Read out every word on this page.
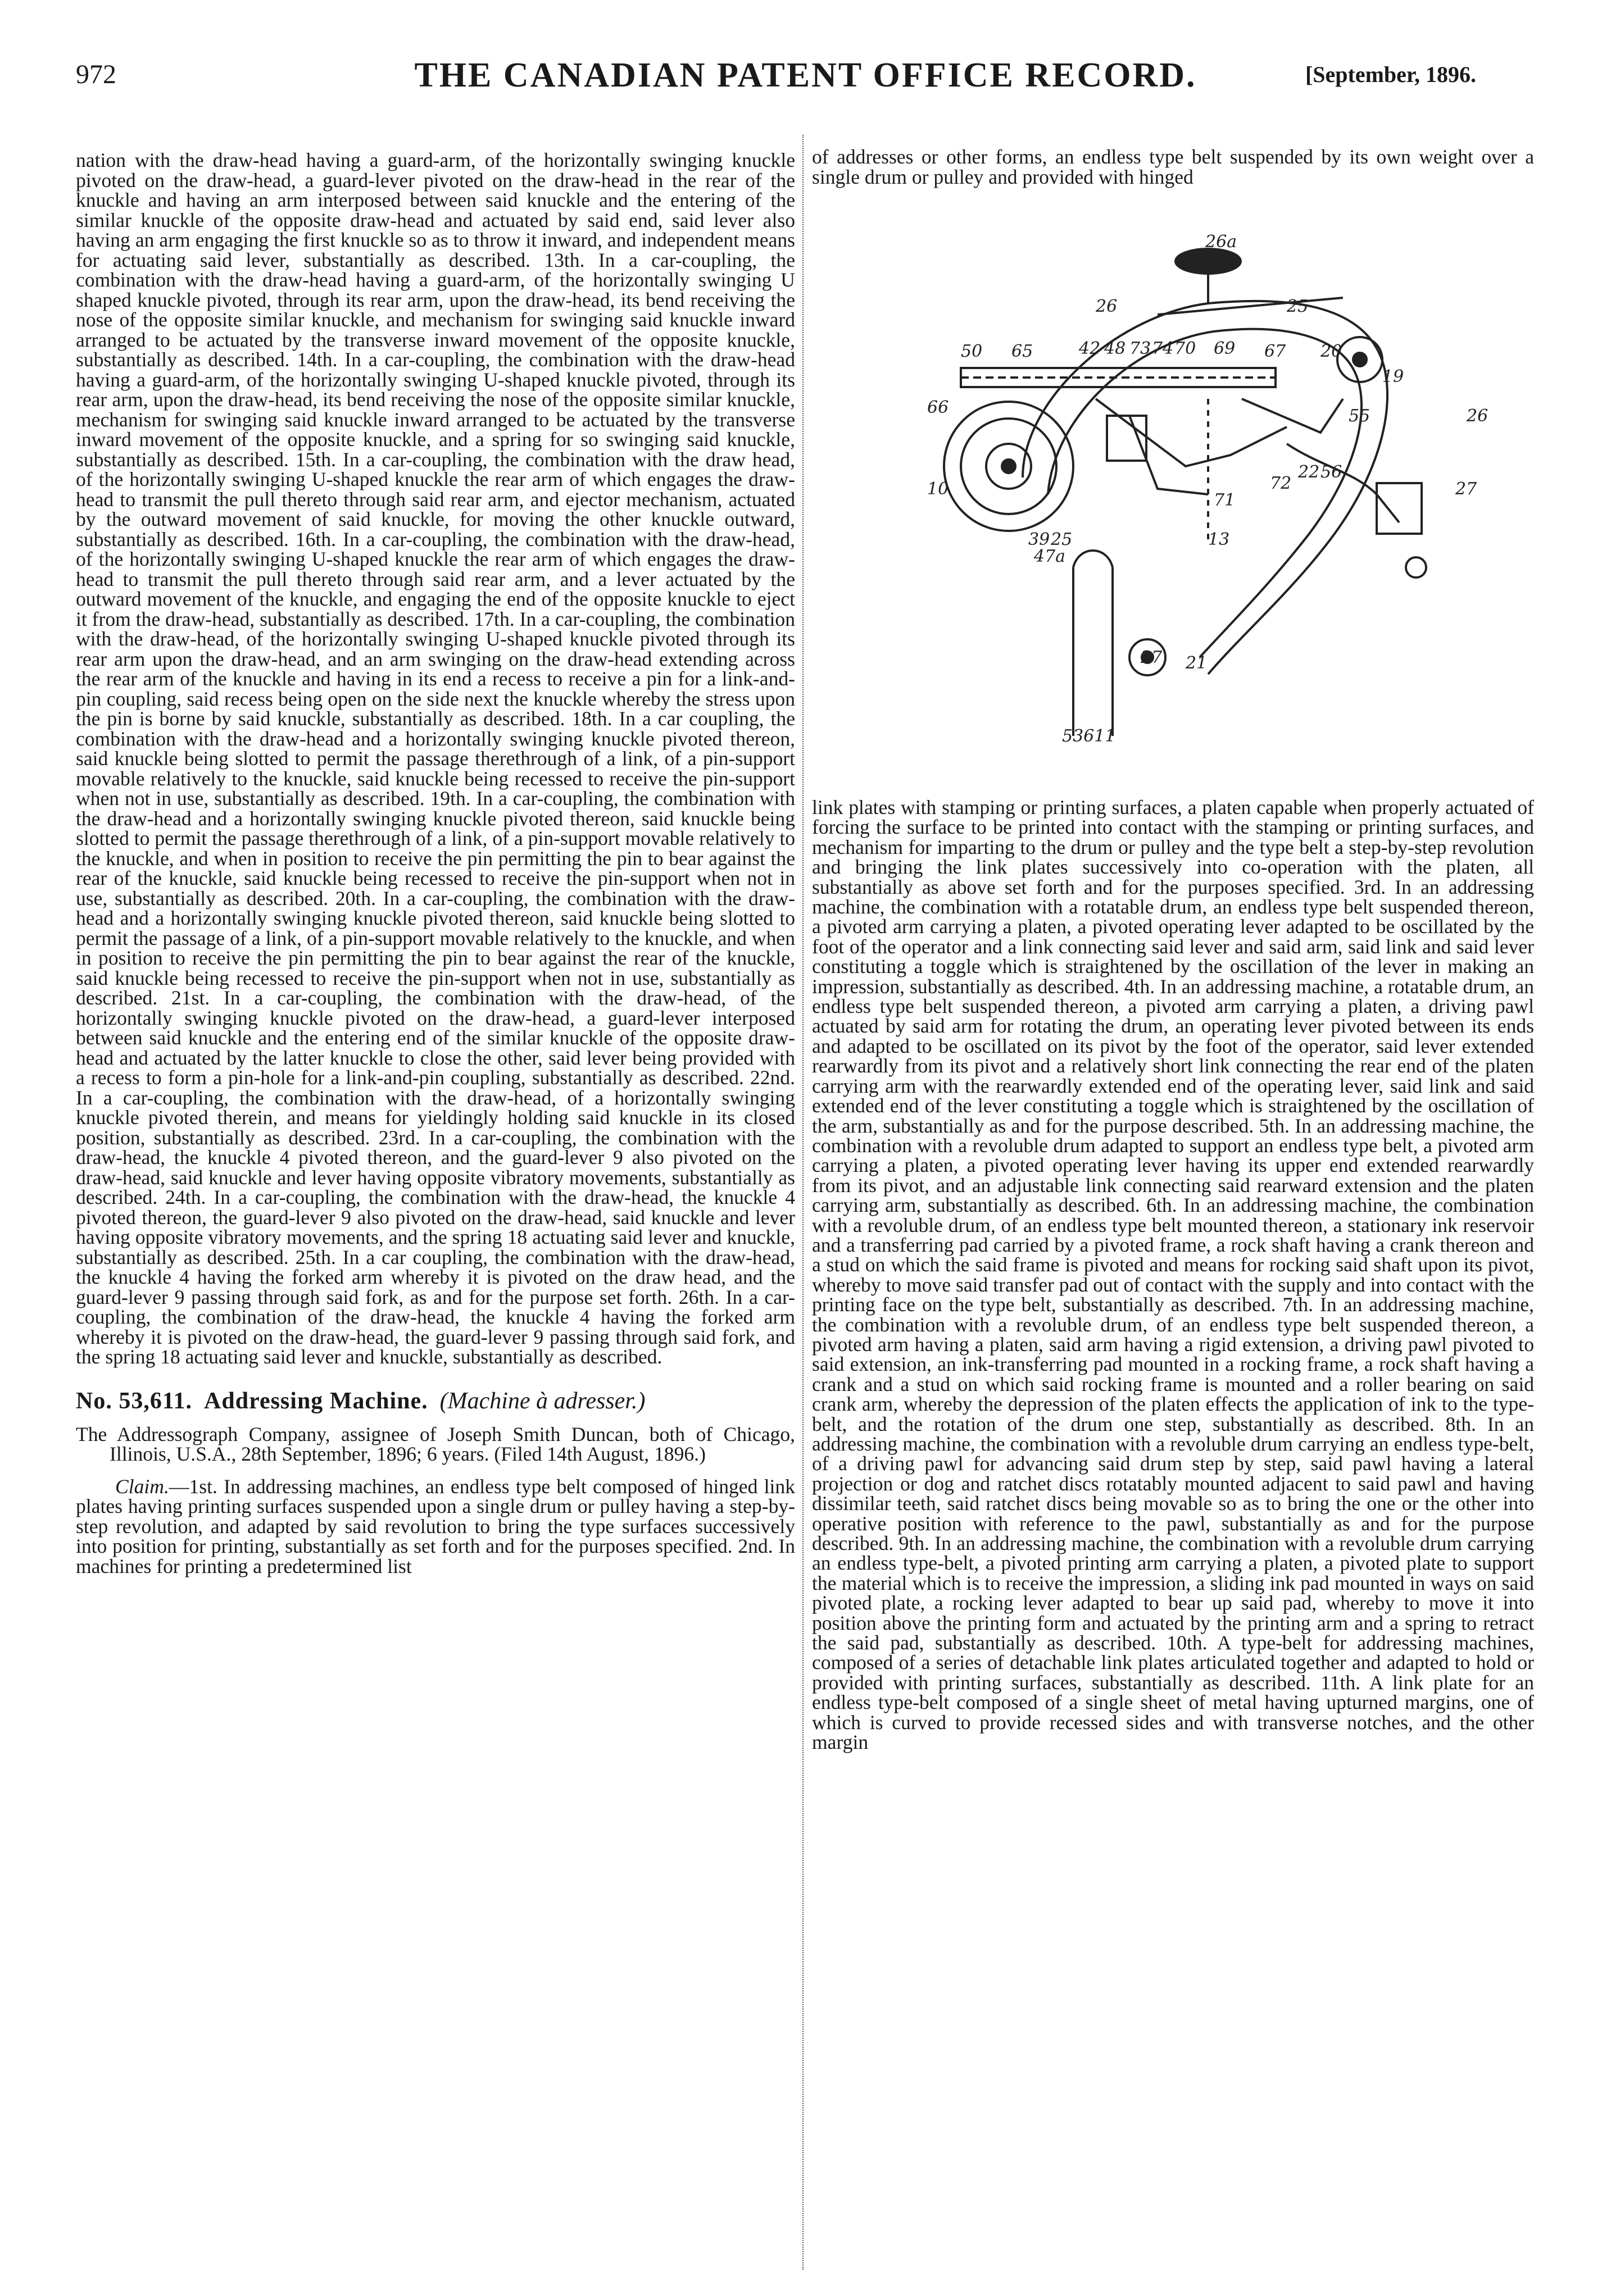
972	THE CANADIAN PATENT OFFICE RECORD.	[September, 1896.

nation with the draw-head having a guard-arm, of the horizontally swinging knuckle pivoted on the draw-head, a guard-lever pivoted on the draw-head in the rear of the knuckle and having an arm interposed between said knuckle and the entering of the similar knuckle of the opposite draw-head and actuated by said end, said lever also having an arm engaging the first knuckle so as to throw it inward, and independent means for actuating said lever, substantially as described. 13th. In a car-coupling, the combination with the draw-head having a guard-arm, of the horizontally swinging U shaped knuckle pivoted, through its rear arm, upon the draw-head, its bend receiving the nose of the opposite similar knuckle, and mechanism for swinging said knuckle inward arranged to be actuated by the transverse inward movement of the opposite knuckle, substantially as described. 14th. In a car-coupling, the combination with the draw-head having a guard-arm, of the horizontally swinging U-shaped knuckle pivoted, through its rear arm, upon the draw-head, its bend receiving the nose of the opposite similar knuckle, mechanism for swinging said knuckle inward arranged to be actuated by the transverse inward movement of the opposite knuckle, and a spring for so swinging said knuckle, substantially as described. 15th. In a car-coupling, the combination with the draw head, of the horizontally swinging U-shaped knuckle the rear arm of which engages the draw-head to transmit the pull thereto through said rear arm, and ejector mechanism, actuated by the outward movement of said knuckle, for moving the other knuckle outward, substantially as described. 16th. In a car-coupling, the combination with the draw-head, of the horizontally swinging U-shaped knuckle the rear arm of which engages the draw-head to transmit the pull thereto through said rear arm, and a lever actuated by the outward movement of the knuckle, and engaging the end of the opposite knuckle to eject it from the draw-head, substantially as described. 17th. In a car-coupling, the combination with the draw-head, of the horizontally swinging U-shaped knuckle pivoted through its rear arm upon the draw-head, and an arm swinging on the draw-head extending across the rear arm of the knuckle and having in its end a recess to receive a pin for a link-and-pin coupling, said recess being open on the side next the knuckle whereby the stress upon the pin is borne by said knuckle, substantially as described. 18th. In a car coupling, the combination with the draw-head and a horizontally swinging knuckle pivoted thereon, said knuckle being slotted to permit the passage therethrough of a link, of a pin-support movable relatively to the knuckle, said knuckle being recessed to receive the pin-support when not in use, substantially as described. 19th. In a car-coupling, the combination with the draw-head and a horizontally swinging knuckle pivoted thereon, said knuckle being slotted to permit the passage therethrough of a link, of a pin-support movable relatively to the knuckle, and when in position to receive the pin permitting the pin to bear against the rear of the knuckle, said knuckle being recessed to receive the pin-support when not in use, substantially as described. 20th. In a car-coupling, the combination with the draw-head and a horizontally swinging knuckle pivoted thereon, said knuckle being slotted to permit the passage of a link, of a pin-support movable relatively to the knuckle, and when in position to receive the pin permitting the pin to bear against the rear of the knuckle, said knuckle being recessed to receive the pin-support when not in use, substantially as described. 21st. In a car-coupling, the combination with the draw-head, of the horizontally swinging knuckle pivoted on the draw-head, a guard-lever interposed between said knuckle and the entering end of the similar knuckle of the opposite draw-head and actuated by the latter knuckle to close the other, said lever being provided with a recess to form a pin-hole for a link-and-pin coupling, substantially as described. 22nd. In a car-coupling, the combination with the draw-head, of a horizontally swinging knuckle pivoted therein, and means for yieldingly holding said knuckle in its closed position, substantially as described. 23rd. In a car-coupling, the combination with the draw-head, the knuckle 4 pivoted thereon, and the guard-lever 9 also pivoted on the draw-head, said knuckle and lever having opposite vibratory movements, substantially as described. 24th. In a car-coupling, the combination with the draw-head, the knuckle 4 pivoted thereon, the guard-lever 9 also pivoted on the draw-head, said knuckle and lever having opposite vibratory movements, and the spring 18 actuating said lever and knuckle, substantially as described. 25th. In a car coupling, the combination with the draw-head, the knuckle 4 having the forked arm whereby it is pivoted on the draw head, and the guard-lever 9 passing through said fork, as and for the purpose set forth. 26th. In a car-coupling, the combination of the draw-head, the knuckle 4 having the forked arm whereby it is pivoted on the draw-head, the guard-lever 9 passing through said fork, and the spring 18 actuating said lever and knuckle, substantially as described.

No. 53,611. Addressing Machine. (Machine à adresser.)

The Addressograph Company, assignee of Joseph Smith Duncan, both of Chicago, Illinois, U.S.A., 28th September, 1896; 6 years. (Filed 14th August, 1896.)

Claim.—1st. In addressing machines, an endless type belt composed of hinged link plates having printing surfaces suspended upon a single drum or pulley having a step-by-step revolution, and adapted by said revolution to bring the type surfaces successively into position for printing, substantially as set forth and for the purposes specified. 2nd. In machines for printing a predetermined list

of addresses or other forms, an endless type belt suspended by its own weight over a single drum or pulley and provided with hinged

26a
26	25
50 65	42 48 73 74 70 69 67 20
19
66	55	26
10	72
22 56
27
71
13
39 25
47a
27 21
53611

link plates with stamping or printing surfaces, a platen capable when properly actuated of forcing the surface to be printed into contact with the stamping or printing surfaces, and mechanism for imparting to the drum or pulley and the type belt a step-by-step revolution and bringing the link plates successively into co-operation with the platen, all substantially as above set forth and for the purposes specified. 3rd. In an addressing machine, the combination with a rotatable drum, an endless type belt suspended thereon, a pivoted arm carrying a platen, a pivoted operating lever adapted to be oscillated by the foot of the operator and a link connecting said lever and said arm, said link and said lever constituting a toggle which is straightened by the oscillation of the lever in making an impression, substantially as described. 4th. In an addressing machine, a rotatable drum, an endless type belt suspended thereon, a pivoted arm carrying a platen, a driving pawl actuated by said arm for rotating the drum, an operating lever pivoted between its ends and adapted to be oscillated on its pivot by the foot of the operator, said lever extended rearwardly from its pivot and a relatively short link connecting the rear end of the platen carrying arm with the rearwardly extended end of the operating lever, said link and said extended end of the lever constituting a toggle which is straightened by the oscillation of the arm, substantially as and for the purpose described. 5th. In an addressing machine, the combination with a revoluble drum adapted to support an endless type belt, a pivoted arm carrying a platen, a pivoted operating lever having its upper end extended rearwardly from its pivot, and an adjustable link connecting said rearward extension and the platen carrying arm, substantially as described. 6th. In an addressing machine, the combination with a revoluble drum, of an endless type belt mounted thereon, a stationary ink reservoir and a transferring pad carried by a pivoted frame, a rock shaft having a crank thereon and a stud on which the said frame is pivoted and means for rocking said shaft upon its pivot, whereby to move said transfer pad out of contact with the supply and into contact with the printing face on the type belt, substantially as described. 7th. In an addressing machine, the combination with a revoluble drum, of an endless type belt suspended thereon, a pivoted arm having a platen, said arm having a rigid extension, a driving pawl pivoted to said extension, an ink-transferring pad mounted in a rocking frame, a rock shaft having a crank and a stud on which said rocking frame is mounted and a roller bearing on said crank arm, whereby the depression of the platen effects the application of ink to the type-belt, and the rotation of the drum one step, substantially as described. 8th. In an addressing machine, the combination with a revoluble drum carrying an endless type-belt, of a driving pawl for advancing said drum step by step, said pawl having a lateral projection or dog and ratchet discs rotatably mounted adjacent to said pawl and having dissimilar teeth, said ratchet discs being movable so as to bring the one or the other into operative position with reference to the pawl, substantially as and for the purpose described. 9th. In an addressing machine, the combination with a revoluble drum carrying an endless type-belt, a pivoted printing arm carrying a platen, a pivoted plate to support the material which is to receive the impression, a sliding ink pad mounted in ways on said pivoted plate, a rocking lever adapted to bear up said pad, whereby to move it into position above the printing form and actuated by the printing arm and a spring to retract the said pad, substantially as described. 10th. A type-belt for addressing machines, composed of a series of detachable link plates articulated together and adapted to hold or provided with printing surfaces, substantially as described. 11th. A link plate for an endless type-belt composed of a single sheet of metal having upturned margins, one of which is curved to provide recessed sides and with transverse notches, and the other margin
